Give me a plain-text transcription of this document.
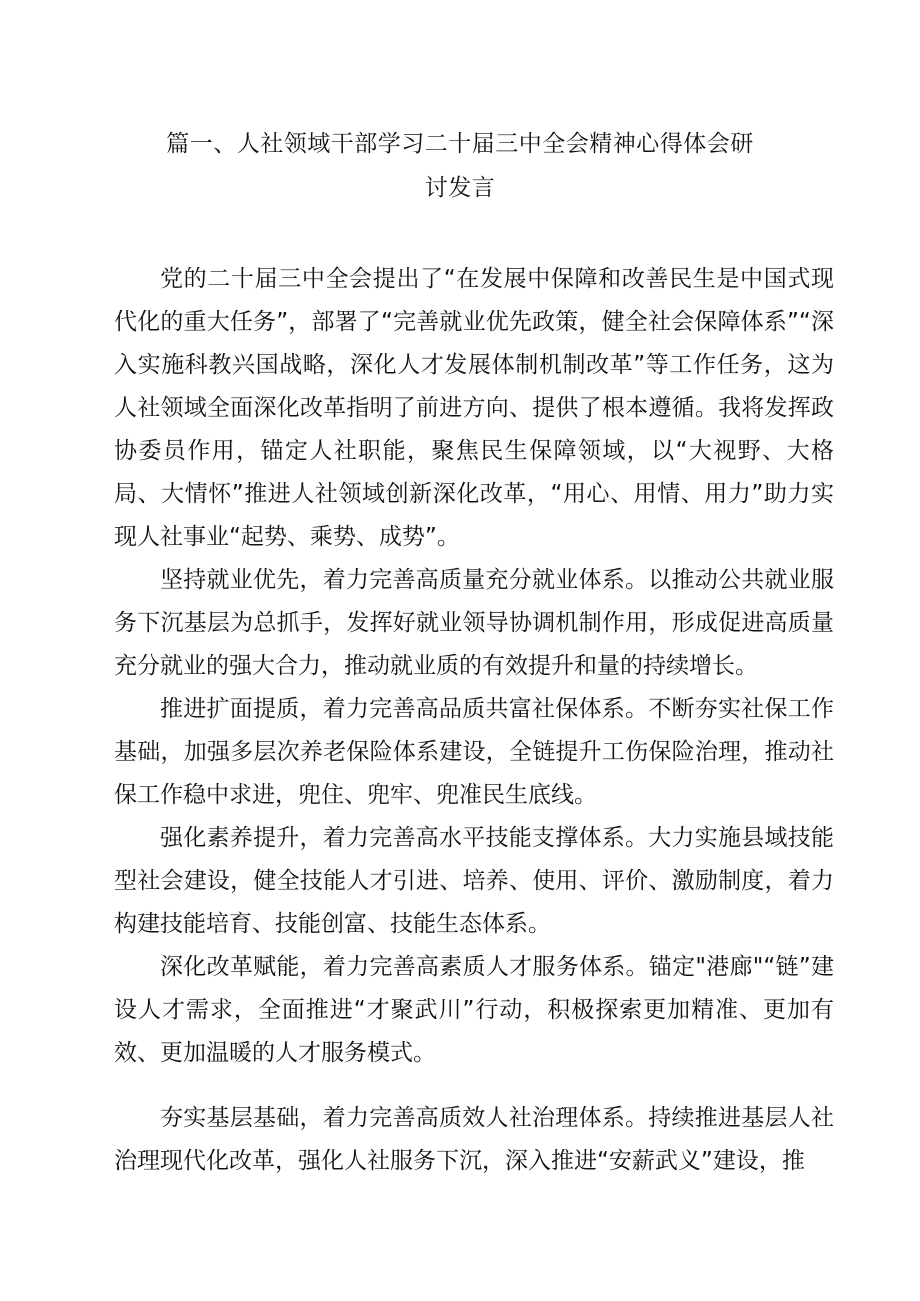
篇一、人社领域干部学习二十届三中全会精神心得体会研
讨发言

党的二十届三中全会提出了“在发展中保障和改善民生是中国式现代化的重大任务”，部署了“完善就业优先政策，健全社会保障体系”“深入实施科教兴国战略，深化人才发展体制机制改革”等工作任务，这为人社领域全面深化改革指明了前进方向、提供了根本遵循。我将发挥政协委员作用，锚定人社职能，聚焦民生保障领域，以“大视野、大格局、大情怀”推进人社领域创新深化改革，“用心、用情、用力”助力实现人社事业“起势、乘势、成势”。

坚持就业优先，着力完善高质量充分就业体系。以推动公共就业服务下沉基层为总抓手，发挥好就业领导协调机制作用，形成促进高质量充分就业的强大合力，推动就业质的有效提升和量的持续增长。

推进扩面提质，着力完善高品质共富社保体系。不断夯实社保工作基础，加强多层次养老保险体系建设，全链提升工伤保险治理，推动社保工作稳中求进，兜住、兜牢、兜准民生底线。

强化素养提升，着力完善高水平技能支撑体系。大力实施县域技能型社会建设，健全技能人才引进、培养、使用、评价、激励制度，着力构建技能培育、技能创富、技能生态体系。

深化改革赋能，着力完善高素质人才服务体系。锚定"港廊"“链”建设人才需求，全面推进“才聚武川”行动，积极探索更加精准、更加有效、更加温暖的人才服务模式。

夯实基层基础，着力完善高质效人社治理体系。持续推进基层人社治理现代化改革，强化人社服务下沉，深入推进“安薪武义”建设，推
